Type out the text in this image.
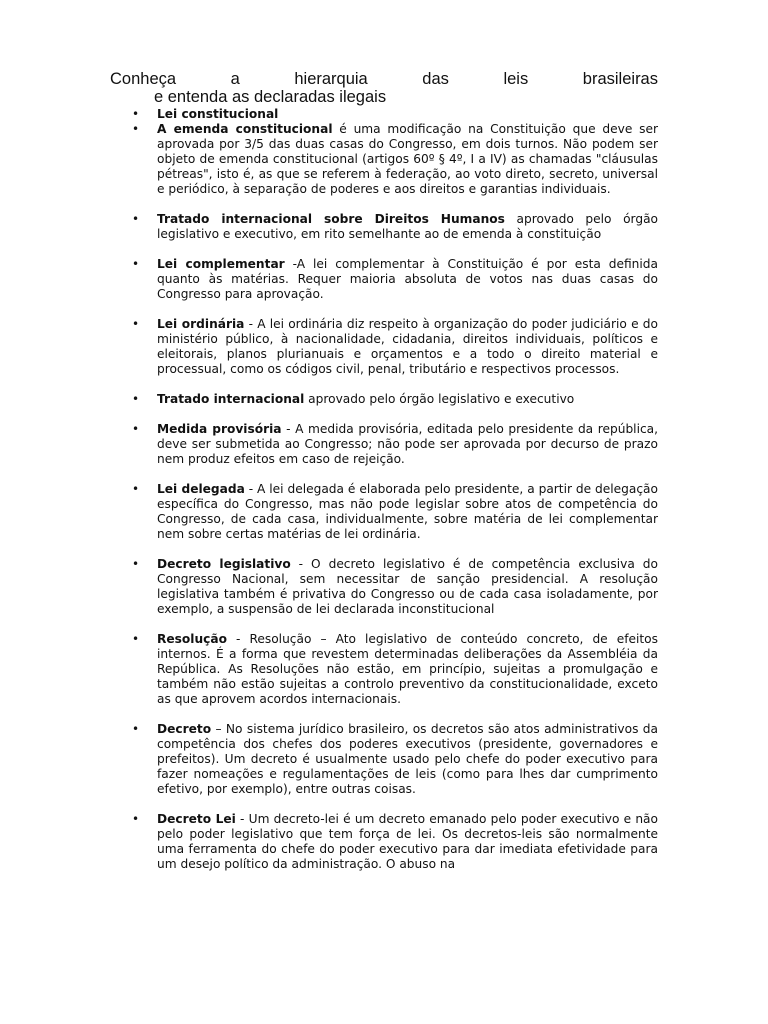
Conheça a hierarquia das leis brasileiras
e entenda as declaradas ilegais
• Lei constitucional
• A emenda constitucional é uma modificação na Constituição que deve ser aprovada por 3/5 das duas casas do Congresso, em dois turnos. Não podem ser objeto de emenda constitucional (artigos 60º § 4º, I a IV) as chamadas "cláusulas pétreas", isto é, as que se referem à federação, ao voto direto, secreto, universal e periódico, à separação de poderes e aos direitos e garantias individuais.
• Tratado internacional sobre Direitos Humanos aprovado pelo órgão legislativo e executivo, em rito semelhante ao de emenda à constituição
• Lei complementar -A lei complementar à Constituição é por esta definida quanto às matérias. Requer maioria absoluta de votos nas duas casas do Congresso para aprovação.
• Lei ordinária - A lei ordinária diz respeito à organização do poder judiciário e do ministério público, à nacionalidade, cidadania, direitos individuais, políticos e eleitorais, planos plurianuais e orçamentos e a todo o direito material e processual, como os códigos civil, penal, tributário e respectivos processos.
• Tratado internacional aprovado pelo órgão legislativo e executivo
• Medida provisória - A medida provisória, editada pelo presidente da república, deve ser submetida ao Congresso; não pode ser aprovada por decurso de prazo nem produz efeitos em caso de rejeição.
• Lei delegada - A lei delegada é elaborada pelo presidente, a partir de delegação específica do Congresso, mas não pode legislar sobre atos de competência do Congresso, de cada casa, individualmente, sobre matéria de lei complementar nem sobre certas matérias de lei ordinária.
• Decreto legislativo - O decreto legislativo é de competência exclusiva do Congresso Nacional, sem necessitar de sanção presidencial. A resolução legislativa também é privativa do Congresso ou de cada casa isoladamente, por exemplo, a suspensão de lei declarada inconstitucional
• Resolução - Resolução – Ato legislativo de conteúdo concreto, de efeitos internos. É a forma que revestem determinadas deliberações da Assembléia da República. As Resoluções não estão, em princípio, sujeitas a promulgação e também não estão sujeitas a controlo preventivo da constitucionalidade, exceto as que aprovem acordos internacionais.
• Decreto – No sistema jurídico brasileiro, os decretos são atos administrativos da competência dos chefes dos poderes executivos (presidente, governadores e prefeitos). Um decreto é usualmente usado pelo chefe do poder executivo para fazer nomeações e regulamentações de leis (como para lhes dar cumprimento efetivo, por exemplo), entre outras coisas.
• Decreto Lei - Um decreto-lei é um decreto emanado pelo poder executivo e não pelo poder legislativo que tem força de lei. Os decretos-leis são normalmente uma ferramenta do chefe do poder executivo para dar imediata efetividade para um desejo político da administração. O abuso na
